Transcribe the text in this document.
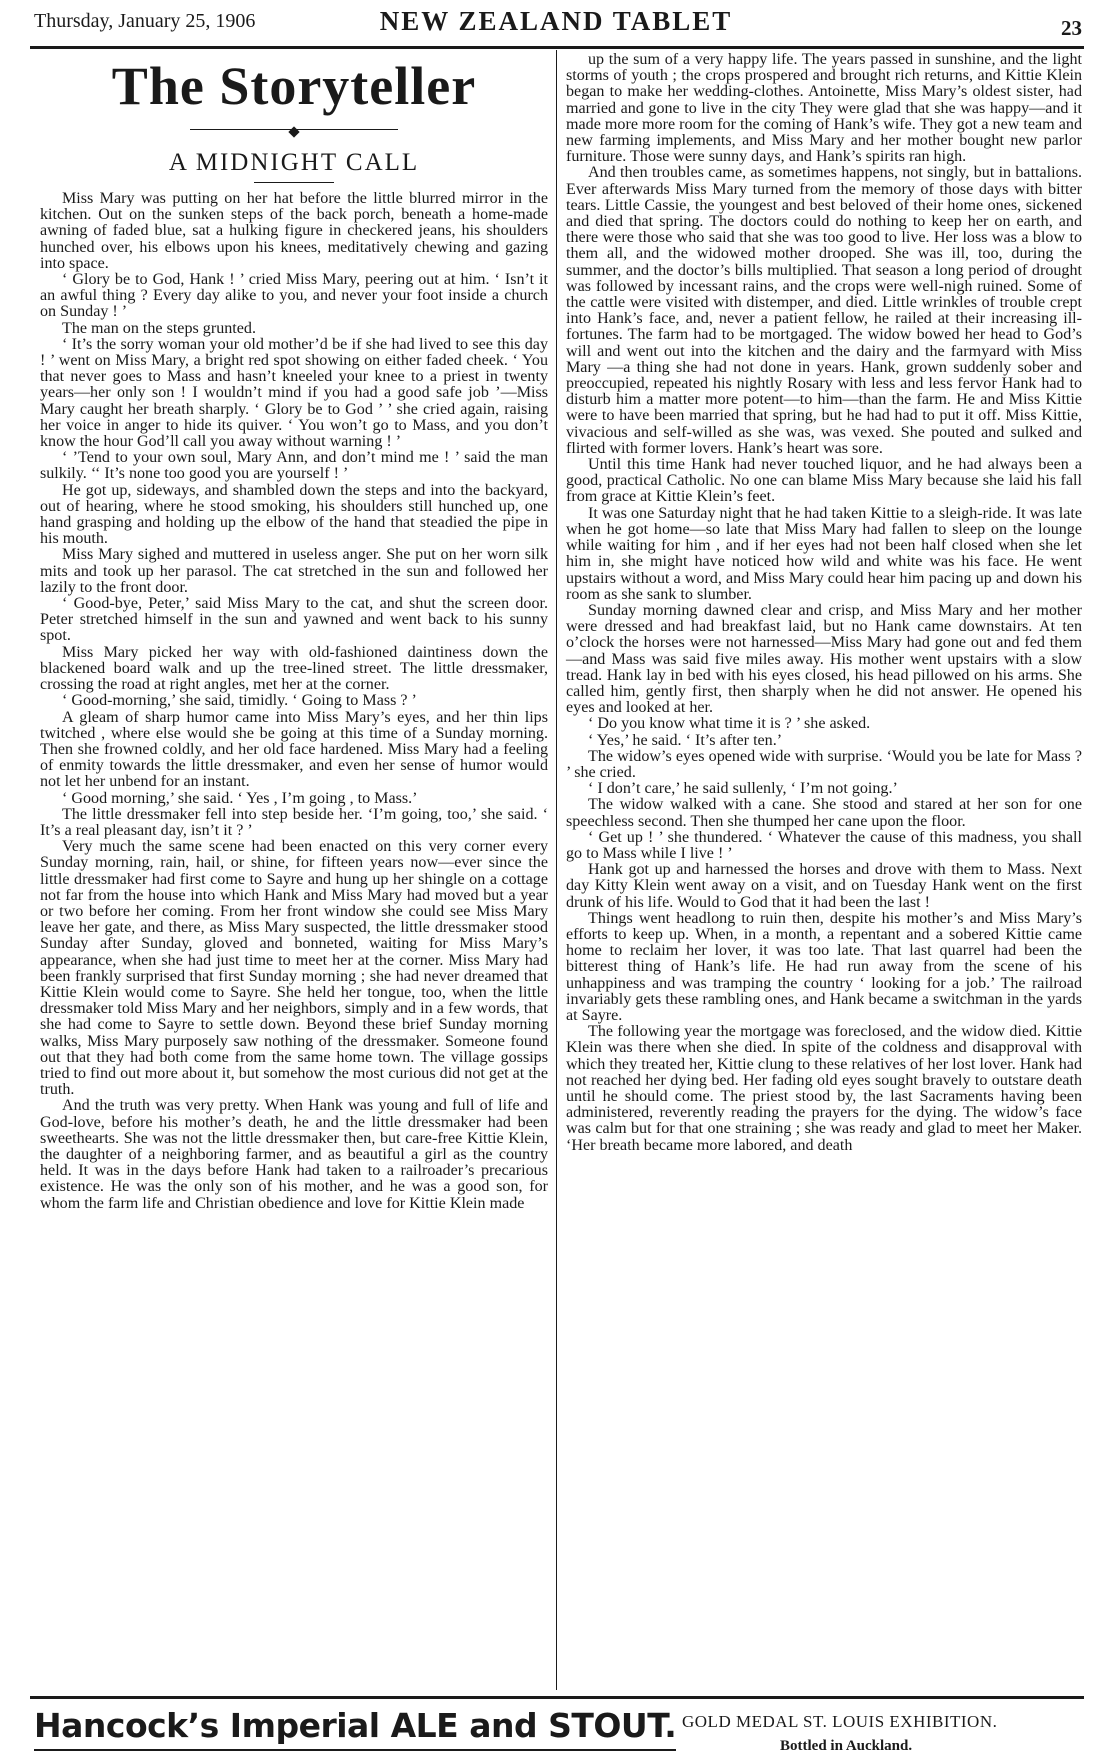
Thursday, January 25, 1906	NEW ZEALAND TABLET	23
The Storyteller
A MIDNIGHT CALL

Miss Mary was putting on her hat before the little blurred mirror in the kitchen. Out on the sunken steps of the back porch, beneath a home-made awning of faded blue, sat a hulking figure in checkered jeans, his shoulders hunched over, his elbows upon his knees, meditatively chewing and gazing into space.

‘ Glory be to God, Hank ! ’ cried Miss Mary, peering out at him. ‘ Isn’t it an awful thing ? Every day alike to you, and never your foot inside a church on Sunday ! ’

The man on the steps grunted.

‘ It’s the sorry woman your old mother’d be if she had lived to see this day ! ’ went on Miss Mary, a bright red spot showing on either faded cheek. ‘ You that never goes to Mass and hasn’t kneeled your knee to a priest in twenty years—her only son ! I wouldn’t mind if you had a good safe job ’—Miss Mary caught her breath sharply. ‘ Glory be to God ’ ’ she cried again, raising her voice in anger to hide its quiver. ‘ You won’t go to Mass, and you don’t know the hour God’ll call you away without warning ! ’

‘ ’Tend to your own soul, Mary Ann, and don’t mind me ! ’ said the man sulkily. ‘‘ It’s none too good you are yourself ! ’

He got up, sideways, and shambled down the steps and into the backyard, out of hearing, where he stood smoking, his shoulders still hunched up, one hand grasping and holding up the elbow of the hand that steadied the pipe in his mouth.

Miss Mary sighed and muttered in useless anger. She put on her worn silk mits and took up her parasol. The cat stretched in the sun and followed her lazily to the front door.

‘ Good-bye, Peter,’ said Miss Mary to the cat, and shut the screen door. Peter stretched himself in the sun and yawned and went back to his sunny spot.

Miss Mary picked her way with old-fashioned daintiness down the blackened board walk and up the tree-lined street. The little dressmaker, crossing the road at right angles, met her at the corner.

‘ Good-morning,’ she said, timidly. ‘ Going to Mass ? ’

A gleam of sharp humor came into Miss Mary’s eyes, and her thin lips twitched , where else would she be going at this time of a Sunday morning. Then she frowned coldly, and her old face hardened. Miss Mary had a feeling of enmity towards the little dressmaker, and even her sense of humor would not let her unbend for an instant.

‘ Good morning,’ she said. ‘ Yes , I’m going , to Mass.’

The little dressmaker fell into step beside her. ‘I’m going, too,’ she said. ‘ It’s a real pleasant day, isn’t it ? ’

Very much the same scene had been enacted on this very corner every Sunday morning, rain, hail, or shine, for fifteen years now—ever since the little dressmaker had first come to Sayre and hung up her shingle on a cottage not far from the house into which Hank and Miss Mary had moved but a year or two before her coming. From her front window she could see Miss Mary leave her gate, and there, as Miss Mary suspected, the little dressmaker stood Sunday after Sunday, gloved and bonneted, waiting for Miss Mary’s appearance, when she had just time to meet her at the corner. Miss Mary had been frankly surprised that first Sunday morning ; she had never dreamed that Kittie Klein would come to Sayre. She held her tongue, too, when the little dressmaker told Miss Mary and her neighbors, simply and in a few words, that she had come to Sayre to settle down. Beyond these brief Sunday morning walks, Miss Mary purposely saw nothing of the dressmaker. Someone found out that they had both come from the same home town. The village gossips tried to find out more about it, but somehow the most curious did not get at the truth.

And the truth was very pretty. When Hank was young and full of life and God-love, before his mother’s death, he and the little dressmaker had been sweethearts. She was not the little dressmaker then, but care-free Kittie Klein, the daughter of a neighboring farmer, and as beautiful a girl as the country held. It was in the days before Hank had taken to a railroader’s precarious existence. He was the only son of his mother, and he was a good son, for whom the farm life and Christian obedience and love for Kittie Klein made

up the sum of a very happy life. The years passed in sunshine, and the light storms of youth ; the crops prospered and brought rich returns, and Kittie Klein began to make her wedding-clothes. Antoinette, Miss Mary’s oldest sister, had married and gone to live in the city They were glad that she was happy—and it made more more room for the coming of Hank’s wife. They got a new team and new farming implements, and Miss Mary and her mother bought new parlor furniture. Those were sunny days, and Hank’s spirits ran high.

And then troubles came, as sometimes happens, not singly, but in battalions. Ever afterwards Miss Mary turned from the memory of those days with bitter tears. Little Cassie, the youngest and best beloved of their home ones, sickened and died that spring. The doctors could do nothing to keep her on earth, and there were those who said that she was too good to live. Her loss was a blow to them all, and the widowed mother drooped. She was ill, too, during the summer, and the doctor’s bills multiplied. That season a long period of drought was followed by incessant rains, and the crops were well-nigh ruined. Some of the cattle were visited with distemper, and died. Little wrinkles of trouble crept into Hank’s face, and, never a patient fellow, he railed at their increasing ill-fortunes. The farm had to be mortgaged. The widow bowed her head to God’s will and went out into the kitchen and the dairy and the farmyard with Miss Mary —a thing she had not done in years. Hank, grown suddenly sober and preoccupied, repeated his nightly Rosary with less and less fervor Hank had to disturb him a matter more potent—to him—than the farm. He and Miss Kittie were to have been married that spring, but he had had to put it off. Miss Kittie, vivacious and self-willed as she was, was vexed. She pouted and sulked and flirted with former lovers. Hank’s heart was sore.

Until this time Hank had never touched liquor, and he had always been a good, practical Catholic. No one can blame Miss Mary because she laid his fall from grace at Kittie Klein’s feet.

It was one Saturday night that he had taken Kittie to a sleigh-ride. It was late when he got home—so late that Miss Mary had fallen to sleep on the lounge while waiting for him , and if her eyes had not been half closed when she let him in, she might have noticed how wild and white was his face. He went upstairs without a word, and Miss Mary could hear him pacing up and down his room as she sank to slumber.

Sunday morning dawned clear and crisp, and Miss Mary and her mother were dressed and had breakfast laid, but no Hank came downstairs. At ten o’clock the horses were not harnessed—Miss Mary had gone out and fed them—and Mass was said five miles away. His mother went upstairs with a slow tread. Hank lay in bed with his eyes closed, his head pillowed on his arms. She called him, gently first, then sharply when he did not answer. He opened his eyes and looked at her.

‘ Do you know what time it is ? ’ she asked.

‘ Yes,’ he said. ‘ It’s after ten.’

The widow’s eyes opened wide with surprise. ‘Would you be late for Mass ? ’ she cried.

‘ I don’t care,’ he said sullenly, ‘ I’m not going.’

The widow walked with a cane. She stood and stared at her son for one speechless second. Then she thumped her cane upon the floor.

‘ Get up ! ’ she thundered. ‘ Whatever the cause of this madness, you shall go to Mass while I live ! ’

Hank got up and harnessed the horses and drove with them to Mass. Next day Kitty Klein went away on a visit, and on Tuesday Hank went on the first drunk of his life. Would to God that it had been the last !

Things went headlong to ruin then, despite his mother’s and Miss Mary’s efforts to keep up. When, in a month, a repentant and a sobered Kittie came home to reclaim her lover, it was too late. That last quarrel had been the bitterest thing of Hank’s life. He had run away from the scene of his unhappiness and was tramping the country ‘ looking for a job.’ The railroad invariably gets these rambling ones, and Hank became a switchman in the yards at Sayre.

The following year the mortgage was foreclosed, and the widow died. Kittie Klein was there when she died. In spite of the coldness and disapproval with which they treated her, Kittie clung to these relatives of her lost lover. Hank had not reached her dying bed. Her fading old eyes sought bravely to outstare death until he should come. The priest stood by, the last Sacraments having been administered, reverently reading the prayers for the dying. The widow’s face was calm but for that one straining ; she was ready and glad to meet her Maker. ‘Her breath became more labored, and death

Hancock’s Imperial ALE and STOUT. GOLD MEDAL ST. LOUIS EXHIBITION.
Bottled in Auckland.
